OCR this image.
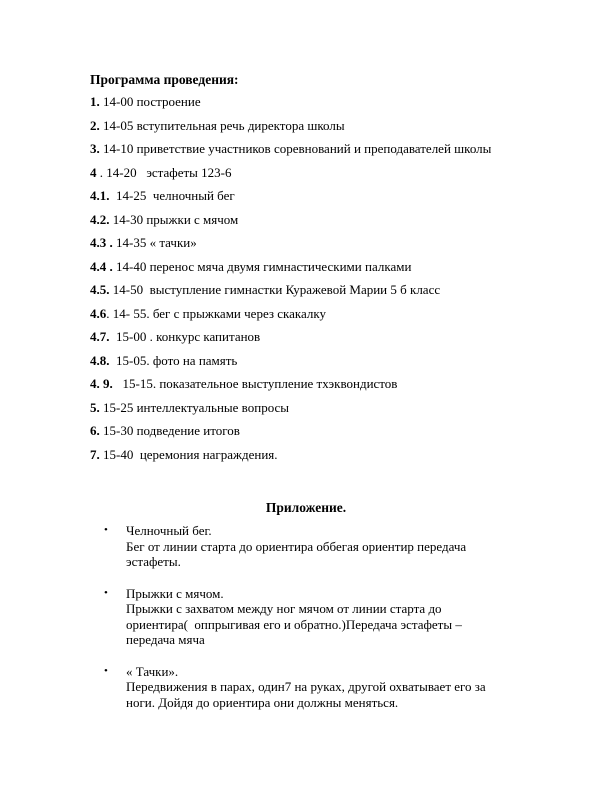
Программа проведения:

1. 14-00 построение
2. 14-05 вступительная речь директора школы
3. 14-10 приветствие участников соревнований и преподавателей школы
4 . 14-20   эстафеты 123-6
4.1.  14-25  челночный бег
4.2. 14-30 прыжки с мячом
4.3 . 14-35 « тачки»
4.4 . 14-40 перенос мяча двумя гимнастическими палками
4.5. 14-50  выступление гимнастки Куражевой Марии 5 б класс
4.6. 14- 55. бег с прыжками через скакалку
4.7.  15-00 . конкурс капитанов
4.8.  15-05. фото на память
4. 9.   15-15. показательное выступление тхэквондистов
5. 15-25 интеллектуальные вопросы
6. 15-30 подведение итогов
7. 15-40  церемония награждения.

Приложение.

• Челночный бег.
Бег от линии старта до ориентира оббегая ориентир передача
эстафеты.
• Прыжки с мячом.
Прыжки с захватом между ног мячом от линии старта до
ориентира(  оппрыгивая его и обратно.)Передача эстафеты –
передача мяча
• « Тачки».
Передвижения в парах, один7 на руках, другой охватывает его за
ноги. Дойдя до ориентира они должны меняться.
